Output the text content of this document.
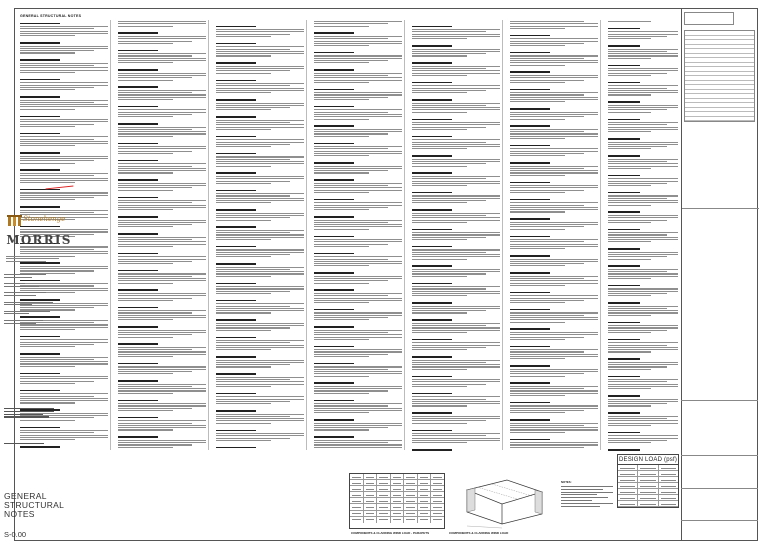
GENERAL STRUCTURAL NOTES
Stonehenge
MORRIS
GENERAL STRUCTURAL NOTES
S-0.00
DESIGN LOAD (psf)
COMPONENTS & CLADDING WIND LOAD - PARAPETS	COMPONENTS & CLADDING WIND LOAD
NOTES:
